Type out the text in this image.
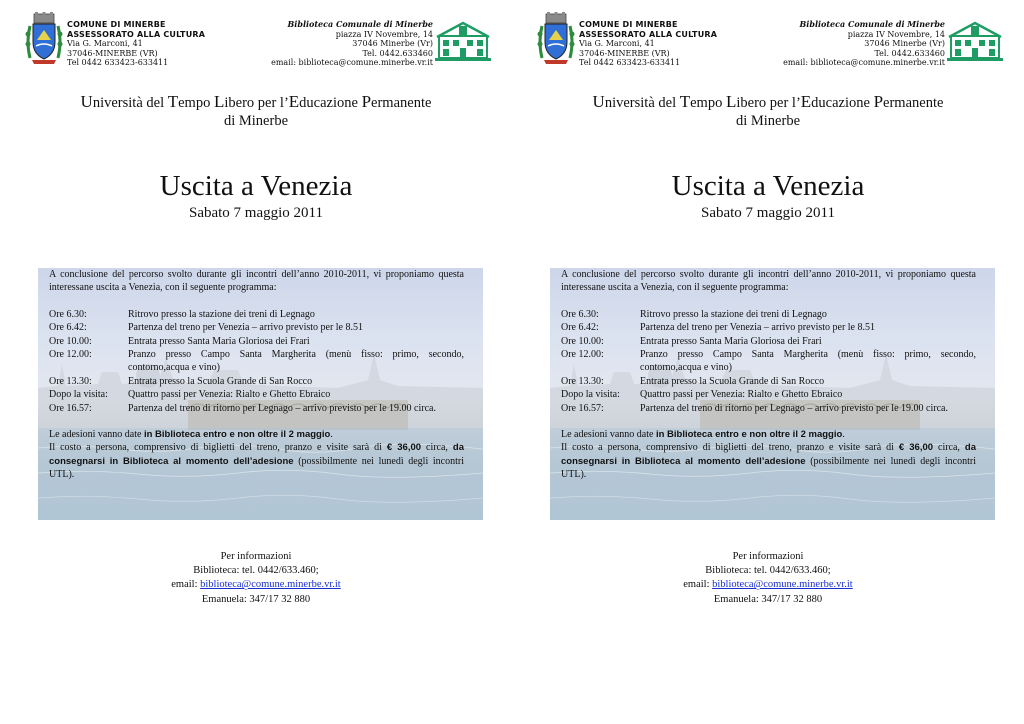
COMUNE DI MINERBE
ASSESSORATO ALLA CULTURA
Via G. Marconi, 41
37046-MINERBE (VR)
Tel 0442 633423-633411
Biblioteca Comunale di Minerbe
piazza IV Novembre, 14
37046 Minerbe (Vr)
Tel. 0442.633460
email: biblioteca@comune.minerbe.vr.it
Università del Tempo Libero per l’Educazione Permanente
di Minerbe
Uscita a Venezia
Sabato 7 maggio 2011

A conclusione del percorso svolto durante gli incontri dell’anno 2010-2011, vi proponiamo questa interessane uscita a Venezia, con il seguente programma:

Ore 6.30:	Ritrovo presso la stazione dei treni di Legnago
Ore 6.42:	Partenza del treno per Venezia – arrivo previsto per le 8.51
Ore 10.00:	Entrata presso Santa Maria Gloriosa dei Frari
Ore 12.00:	Pranzo presso Campo Santa Margherita (menù fisso: primo, secondo, contorno,acqua e vino)
Ore 13.30:	Entrata presso la Scuola Grande di San Rocco
Dopo la visita:	Quattro passi per Venezia: Rialto e Ghetto Ebraico
Ore 16.57:	Partenza del treno di ritorno per Legnago – arrivo previsto per le 19.00 circa.

Le adesioni vanno date in Biblioteca entro e non oltre il 2 maggio.

Il costo a persona, comprensivo di biglietti del treno, pranzo e visite sarà di € 36,00 circa, da consegnarsi in Biblioteca al momento dell’adesione (possibilmente nei lunedì degli incontri UTL).

Per informazioni
Biblioteca: tel. 0442/633.460;
email: biblioteca@comune.minerbe.vr.it
Emanuela: 347/17 32 880
COMUNE DI MINERBE
ASSESSORATO ALLA CULTURA
Via G. Marconi, 41
37046-MINERBE (VR)
Tel 0442 633423-633411
Biblioteca Comunale di Minerbe
piazza IV Novembre, 14
37046 Minerbe (Vr)
Tel. 0442.633460
email: biblioteca@comune.minerbe.vr.it
Università del Tempo Libero per l’Educazione Permanente
di Minerbe
Uscita a Venezia
Sabato 7 maggio 2011

A conclusione del percorso svolto durante gli incontri dell’anno 2010-2011, vi proponiamo questa interessane uscita a Venezia, con il seguente programma:

Ore 6.30:	Ritrovo presso la stazione dei treni di Legnago
Ore 6.42:	Partenza del treno per Venezia – arrivo previsto per le 8.51
Ore 10.00:	Entrata presso Santa Maria Gloriosa dei Frari
Ore 12.00:	Pranzo presso Campo Santa Margherita (menù fisso: primo, secondo, contorno,acqua e vino)
Ore 13.30:	Entrata presso la Scuola Grande di San Rocco
Dopo la visita:	Quattro passi per Venezia: Rialto e Ghetto Ebraico
Ore 16.57:	Partenza del treno di ritorno per Legnago – arrivo previsto per le 19.00 circa.

Le adesioni vanno date in Biblioteca entro e non oltre il 2 maggio.

Il costo a persona, comprensivo di biglietti del treno, pranzo e visite sarà di € 36,00 circa, da consegnarsi in Biblioteca al momento dell’adesione (possibilmente nei lunedì degli incontri UTL).

Per informazioni
Biblioteca: tel. 0442/633.460;
email: biblioteca@comune.minerbe.vr.it
Emanuela: 347/17 32 880
